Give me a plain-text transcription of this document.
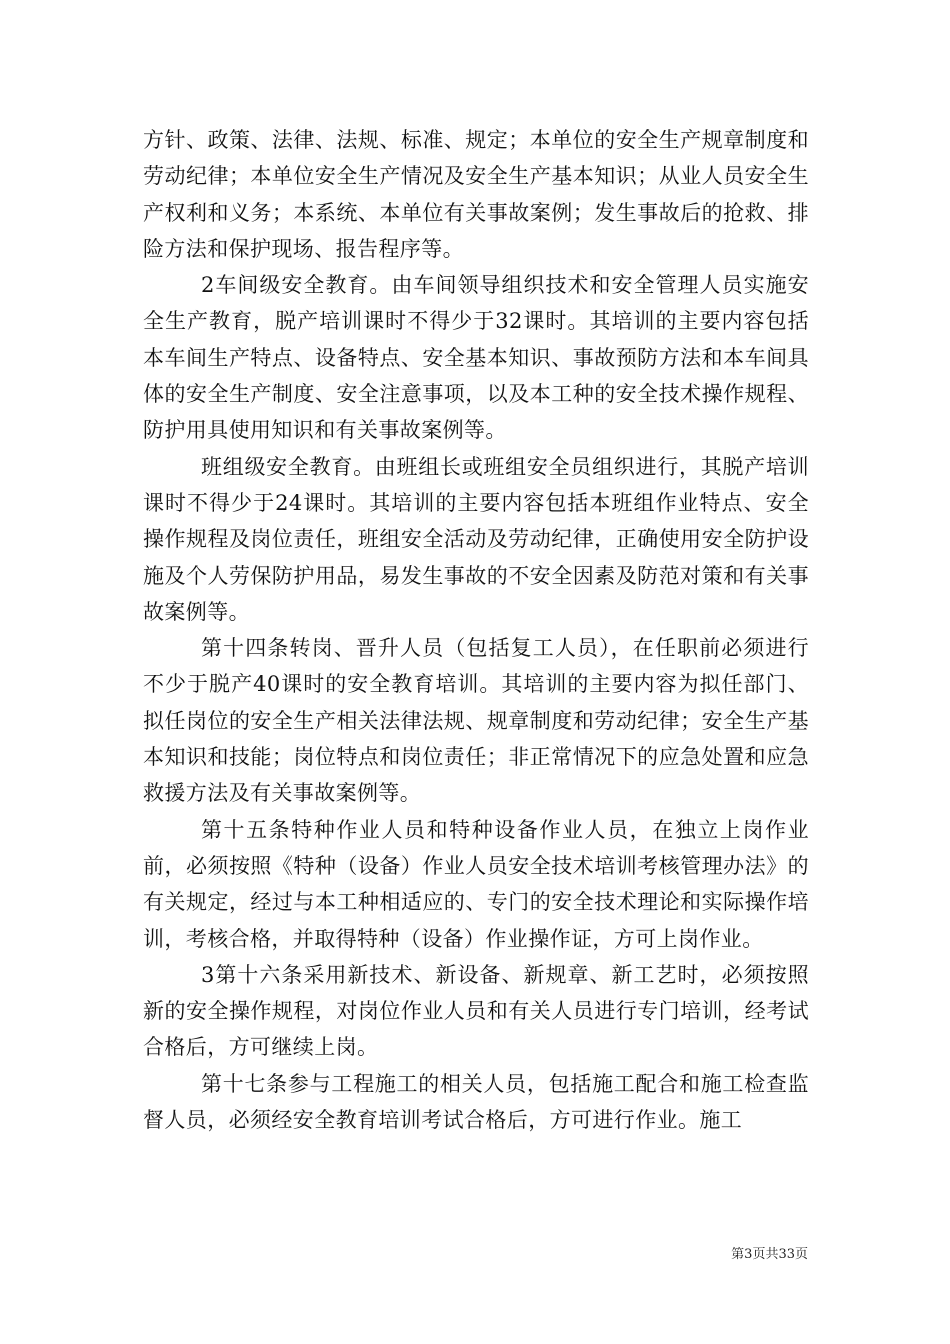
方针、政策、法律、法规、标准、规定；本单位的安全生产规章制度和劳动纪律；本单位安全生产情况及安全生产基本知识；从业人员安全生产权利和义务；本系统、本单位有关事故案例；发生事故后的抢救、排险方法和保护现场、报告程序等。

2车间级安全教育。由车间领导组织技术和安全管理人员实施安全生产教育，脱产培训课时不得少于32课时。其培训的主要内容包括本车间生产特点、设备特点、安全基本知识、事故预防方法和本车间具体的安全生产制度、安全注意事项，以及本工种的安全技术操作规程、防护用具使用知识和有关事故案例等。

班组级安全教育。由班组长或班组安全员组织进行，其脱产培训课时不得少于24课时。其培训的主要内容包括本班组作业特点、安全操作规程及岗位责任，班组安全活动及劳动纪律，正确使用安全防护设施及个人劳保防护用品，易发生事故的不安全因素及防范对策和有关事故案例等。

第十四条转岗、晋升人员（包括复工人员），在任职前必须进行不少于脱产40课时的安全教育培训。其培训的主要内容为拟任部门、拟任岗位的安全生产相关法律法规、规章制度和劳动纪律；安全生产基本知识和技能；岗位特点和岗位责任；非正常情况下的应急处置和应急救援方法及有关事故案例等。

第十五条特种作业人员和特种设备作业人员，在独立上岗作业前，必须按照《特种（设备）作业人员安全技术培训考核管理办法》的有关规定，经过与本工种相适应的、专门的安全技术理论和实际操作培训，考核合格，并取得特种（设备）作业操作证，方可上岗作业。

3第十六条采用新技术、新设备、新规章、新工艺时，必须按照新的安全操作规程，对岗位作业人员和有关人员进行专门培训，经考试合格后，方可继续上岗。

第十七条参与工程施工的相关人员，包括施工配合和施工检查监督人员，必须经安全教育培训考试合格后，方可进行作业。施工

第3页共33页
